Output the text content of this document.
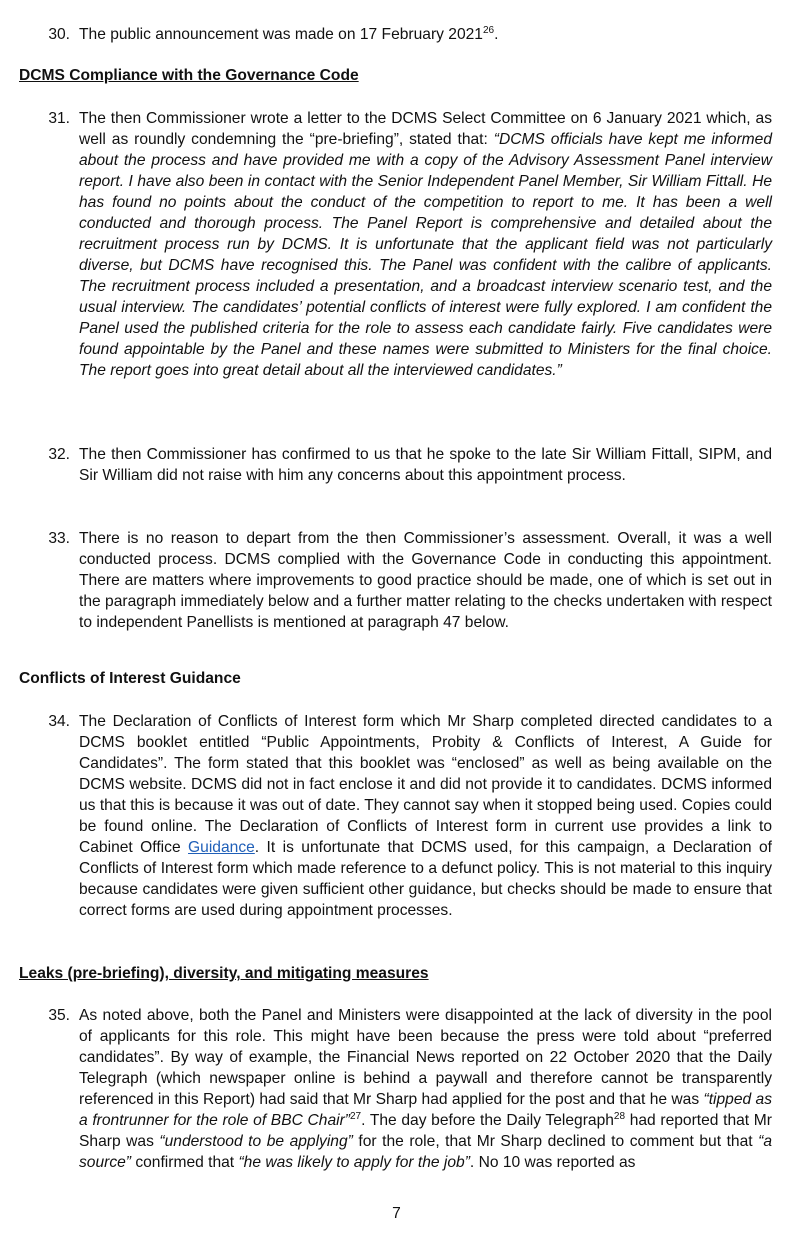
30. The public announcement was made on 17 February 2021$^{26}$.

DCMS Compliance with the Governance Code

31. The then Commissioner wrote a letter to the DCMS Select Committee on 6 January 2021 which, as well as roundly condemning the “pre-briefing”, stated that: “DCMS officials have kept me informed about the process and have provided me with a copy of the Advisory Assessment Panel interview report. I have also been in contact with the Senior Independent Panel Member, Sir William Fittall. He has found no points about the conduct of the competition to report to me. It has been a well conducted and thorough process. The Panel Report is comprehensive and detailed about the recruitment process run by DCMS. It is unfortunate that the applicant field was not particularly diverse, but DCMS have recognised this. The Panel was confident with the calibre of applicants. The recruitment process included a presentation, and a broadcast interview scenario test, and the usual interview. The candidates’ potential conflicts of interest were fully explored. I am confident the Panel used the published criteria for the role to assess each candidate fairly. Five candidates were found appointable by the Panel and these names were submitted to Ministers for the final choice. The report goes into great detail about all the interviewed candidates.”

32. The then Commissioner has confirmed to us that he spoke to the late Sir William Fittall, SIPM, and Sir William did not raise with him any concerns about this appointment process.

33. There is no reason to depart from the then Commissioner’s assessment. Overall, it was a well conducted process. DCMS complied with the Governance Code in conducting this appointment. There are matters where improvements to good practice should be made, one of which is set out in the paragraph immediately below and a further matter relating to the checks undertaken with respect to independent Panellists is mentioned at paragraph 47 below.

Conflicts of Interest Guidance

34. The Declaration of Conflicts of Interest form which Mr Sharp completed directed candidates to a DCMS booklet entitled “Public Appointments, Probity & Conflicts of Interest, A Guide for Candidates”. The form stated that this booklet was “enclosed” as well as being available on the DCMS website. DCMS did not in fact enclose it and did not provide it to candidates. DCMS informed us that this is because it was out of date. They cannot say when it stopped being used. Copies could be found online. The Declaration of Conflicts of Interest form in current use provides a link to Cabinet Office Guidance. It is unfortunate that DCMS used, for this campaign, a Declaration of Conflicts of Interest form which made reference to a defunct policy. This is not material to this inquiry because candidates were given sufficient other guidance, but checks should be made to ensure that correct forms are used during appointment processes.

Leaks (pre-briefing), diversity, and mitigating measures

35. As noted above, both the Panel and Ministers were disappointed at the lack of diversity in the pool of applicants for this role. This might have been because the press were told about “preferred candidates”. By way of example, the Financial News reported on 22 October 2020 that the Daily Telegraph (which newspaper online is behind a paywall and therefore cannot be transparently referenced in this Report) had said that Mr Sharp had applied for the post and that he was “tipped as a frontrunner for the role of BBC Chair”$^{27}$. The day before the Daily Telegraph$^{28}$ had reported that Mr Sharp was “understood to be applying” for the role, that Mr Sharp declined to comment but that “a source” confirmed that “he was likely to apply for the job”. No 10 was reported as

7
